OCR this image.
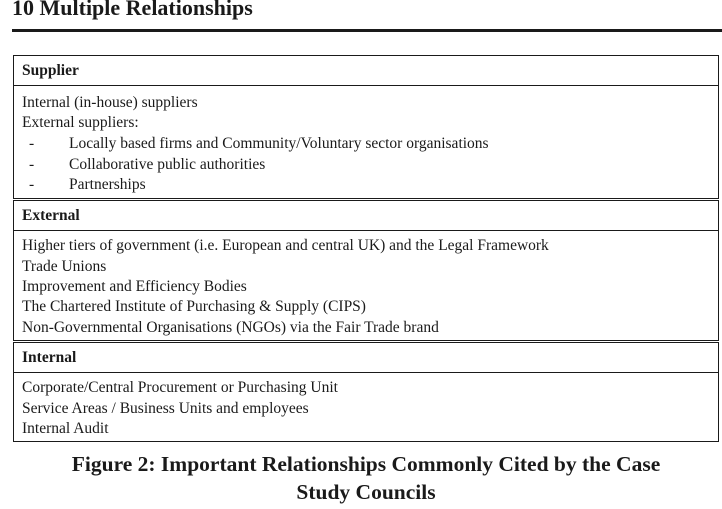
10 Multiple Relationships
Supplier

Internal (in-house) suppliers
External suppliers:
- Locally based firms and Community/Voluntary sector organisations
- Collaborative public authorities
- Partnerships

External

Higher tiers of government (i.e. European and central UK) and the Legal Framework
Trade Unions
Improvement and Efficiency Bodies
The Chartered Institute of Purchasing & Supply (CIPS)
Non-Governmental Organisations (NGOs) via the Fair Trade brand

Internal

Corporate/Central Procurement or Purchasing Unit
Service Areas / Business Units and employees
Internal Audit
Figure 2: Important Relationships Commonly Cited by the Case
Study Councils
